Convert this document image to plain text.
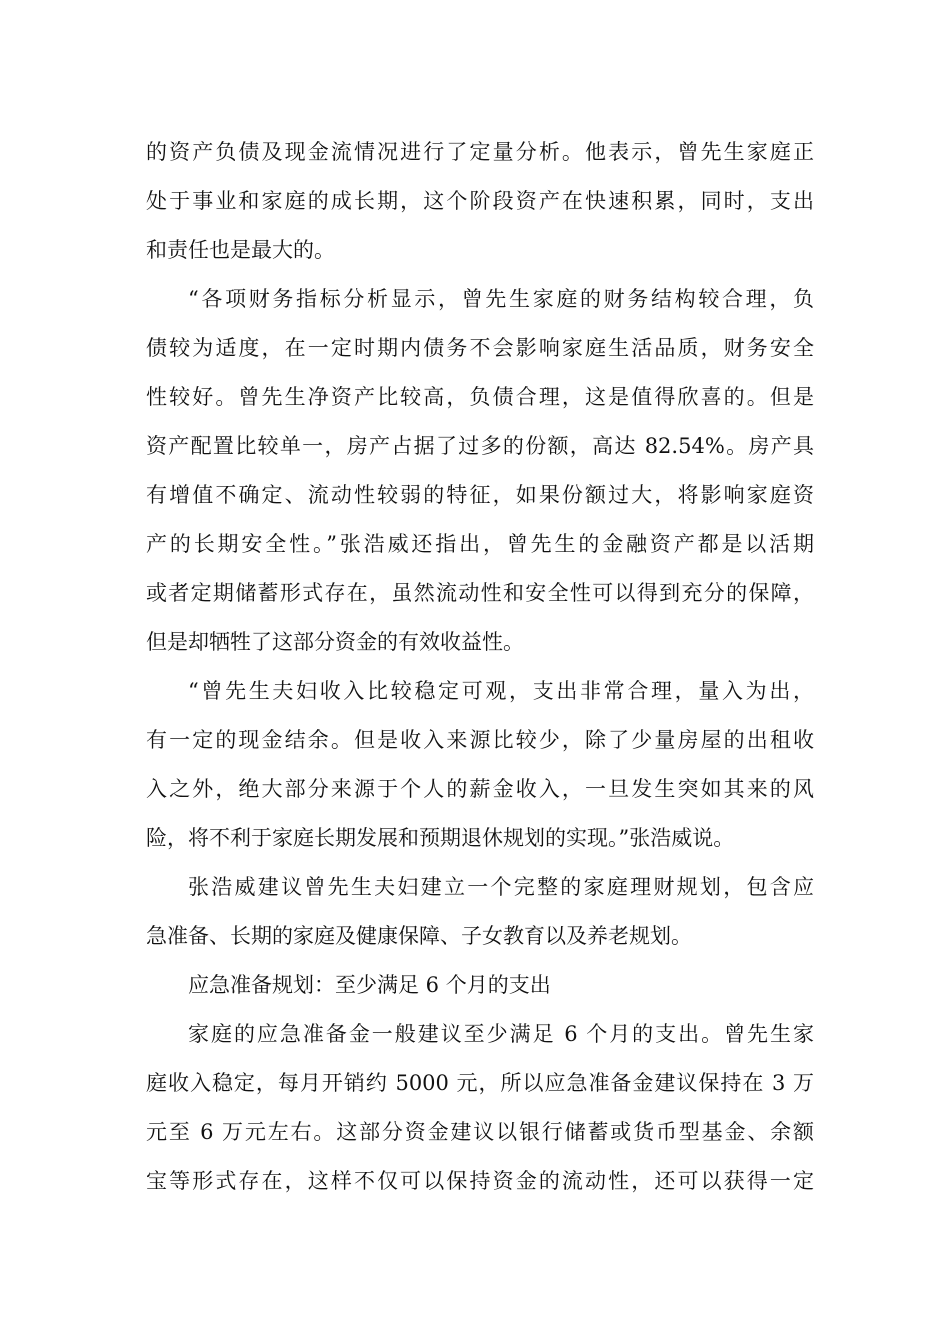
的资产负债及现金流情况进行了定量分析。他表示，曾先生家庭正
处于事业和家庭的成长期，这个阶段资产在快速积累，同时，支出
和责任也是最大的。
“各项财务指标分析显示，曾先生家庭的财务结构较合理，负
债较为适度，在一定时期内债务不会影响家庭生活品质，财务安全
性较好。曾先生净资产比较高，负债合理，这是值得欣喜的。但是
资产配置比较单一，房产占据了过多的份额，高达 82.54%。房产具
有增值不确定、流动性较弱的特征，如果份额过大，将影响家庭资
产的长期安全性。”张浩威还指出，曾先生的金融资产都是以活期
或者定期储蓄形式存在，虽然流动性和安全性可以得到充分的保障，
但是却牺牲了这部分资金的有效收益性。
“曾先生夫妇收入比较稳定可观，支出非常合理，量入为出，
有一定的现金结余。但是收入来源比较少，除了少量房屋的出租收
入之外，绝大部分来源于个人的薪金收入，一旦发生突如其来的风
险，将不利于家庭长期发展和预期退休规划的实现。”张浩威说。
张浩威建议曾先生夫妇建立一个完整的家庭理财规划，包含应
急准备、长期的家庭及健康保障、子女教育以及养老规划。
应急准备规划：至少满足 6 个月的支出
家庭的应急准备金一般建议至少满足 6 个月的支出。曾先生家
庭收入稳定，每月开销约 5000 元，所以应急准备金建议保持在 3 万
元至 6 万元左右。这部分资金建议以银行储蓄或货币型基金、余额
宝等形式存在，这样不仅可以保持资金的流动性，还可以获得一定
